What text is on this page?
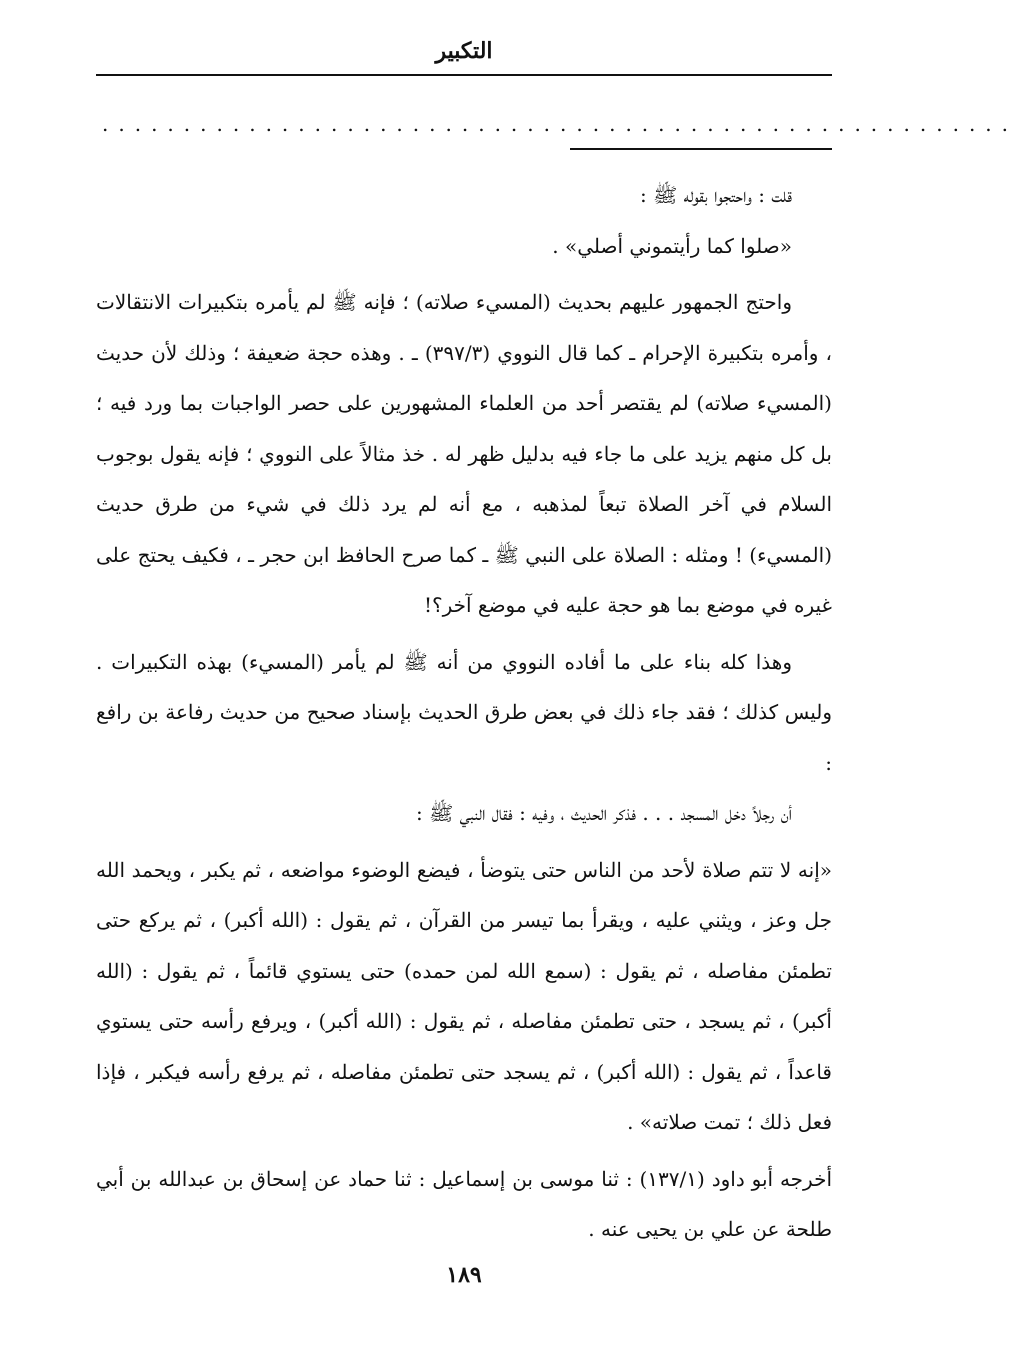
التكبير
........................................................

قلت : واحتجوا بقوله ﷺ :

«صلوا كما رأيتموني أصلي» .

واحتج الجمهور عليهم بحديث (المسيء صلاته) ؛ فإنه ﷺ لم يأمره بتكبيرات الانتقالات ، وأمره بتكبيرة الإحرام ـ كما قال النووي (٣٩٧/٣) ـ . وهذه حجة ضعيفة ؛ وذلك لأن حديث (المسيء صلاته) لم يقتصر أحد من العلماء المشهورين على حصر الواجبات بما ورد فيه ؛ بل كل منهم يزيد على ما جاء فيه بدليل ظهر له . خذ مثالاً على النووي ؛ فإنه يقول بوجوب السلام في آخر الصلاة تبعاً لمذهبه ، مع أنه لم يرد ذلك في شيء من طرق حديث (المسيء) ! ومثله : الصلاة على النبي ﷺ ـ كما صرح الحافظ ابن حجر ـ ، فكيف يحتج على غيره في موضع بما هو حجة عليه في موضع آخر؟!

وهذا كله بناء على ما أفاده النووي من أنه ﷺ لم يأمر (المسيء) بهذه التكبيرات . وليس كذلك ؛ فقد جاء ذلك في بعض طرق الحديث بإسناد صحيح من حديث رفاعة بن رافع :

أن رجلاً دخل المسجد . . . فذكر الحديث ، وفيه : فقال النبي ﷺ :

«إنه لا تتم صلاة لأحد من الناس حتى يتوضأ ، فيضع الوضوء مواضعه ، ثم يكبر ، ويحمد الله جل وعز ، ويثني عليه ، ويقرأ بما تيسر من القرآن ، ثم يقول : (الله أكبر) ، ثم يركع حتى تطمئن مفاصله ، ثم يقول : (سمع الله لمن حمده) حتى يستوي قائماً ، ثم يقول : (الله أكبر) ، ثم يسجد ، حتى تطمئن مفاصله ، ثم يقول : (الله أكبر) ، ويرفع رأسه حتى يستوي قاعداً ، ثم يقول : (الله أكبر) ، ثم يسجد حتى تطمئن مفاصله ، ثم يرفع رأسه فيكبر ، فإذا فعل ذلك ؛ تمت صلاته» .

أخرجه أبو داود (١٣٧/١) : ثنا موسى بن إسماعيل : ثنا حماد عن إسحاق بن عبدالله بن أبي طلحة عن علي بن يحيى عنه .

١٨٩
